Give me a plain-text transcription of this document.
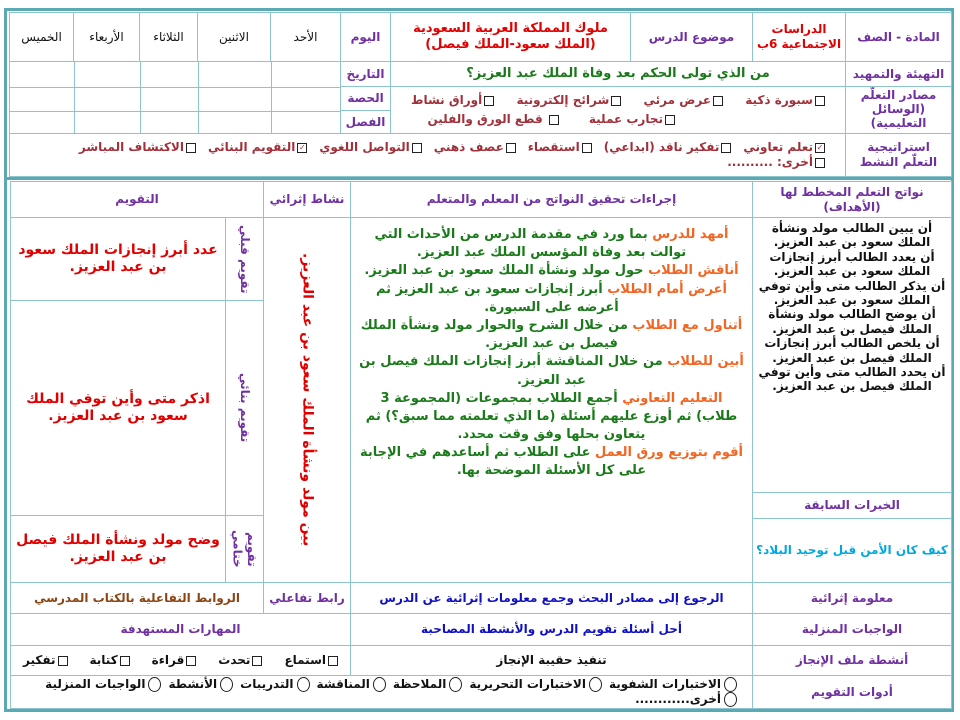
المادة - الصف
الدراسات الاجتماعية 6ب
موضوع الدرس
ملوك المملكة العربية السعودية (الملك سعود-الملك فيصل)
اليوم
الأحد
الاثنين
الثلاثاء
الأربعاء
الخميس
التهيئة والتمهيد
من الذي تولى الحكم بعد وفاة الملك عبد العزيز؟
التاريخ
الحصة
الفصل
مصادر التعلّم (الوسائل التعليمية)
سبورة ذكية
عرض مرئي
شرائح إلكترونية
أوراق نشاط
تجارب عملية
قطع الورق والفلين
استراتيجية التعلّم النشط
✓تعلم تعاوني
تفكير ناقد (ابداعي)
استقصاء
عصف ذهني
التواصل اللغوي
✓التقويم البنائي
الاكتشاف المباشر
أخرى: ..........
نواتج التعلم المخطط لها (الأهداف)
إجراءات تحقيق النواتج من المعلم والمتعلم
نشاط إثرائي
التقويم
أن يبين الطالب مولد ونشأة الملك سعود بن عبد العزيز.
أن يعدد الطالب أبرز إنجازات الملك سعود بن عبد العزيز.
أن يذكر الطالب متى وأين توفي الملك سعود بن عبد العزيز.
أن يوضح الطالب مولد ونشأة الملك فيصل بن عبد العزيز.
أن يلخص الطالب أبرز إنجازات الملك فيصل بن عبد العزيز.
أن يحدد الطالب متى وأين توفي الملك فيصل بن عبد العزيز.
الخبرات السابقة
كيف كان الأمن قبل توحيد البلاد؟
أمهد للدرس بما ورد في مقدمة الدرس من الأحداث التي توالت بعد وفاة المؤسس الملك عبد العزيز.
أناقش الطلاب حول مولد ونشأة الملك سعود بن عبد العزيز.
أعرض أمام الطلاب أبرز إنجازات سعود بن عبد العزيز ثم أعرضه على السبورة.
أتناول مع الطلاب من خلال الشرح والحوار مولد ونشأة الملك فيصل بن عبد العزيز.
أبين للطلاب من خلال المناقشة أبرز إنجازات الملك فيصل بن عبد العزيز.
التعليم التعاوني أجمع الطلاب بمجموعات (المجموعة 3 طلاب) ثم أوزع عليهم أسئلة (ما الذي تعلمته مما سبق؟) ثم يتعاون بحلها وفق وقت محدد.
أقوم بتوزيع ورق العمل على الطلاب ثم أساعدهم في الإجابة على كل الأسئلة الموضحة بها.
بين مولد ونشأة الملك سعود بن عبد العزيز.
تقويم قبلي
عدد أبرز إنجازات الملك سعود بن عبد العزيز.
تقويم بنائي
اذكر متى وأين توفي الملك سعود بن عبد العزيز.
تقويم ختامي
وضح مولد ونشأة الملك فيصل بن عبد العزيز.
معلومة إثرائية
الرجوع إلى مصادر البحث وجمع معلومات إثرائية عن الدرس
رابط تفاعلي
الروابط التفاعلية بالكتاب المدرسي
الواجبات المنزلية
أحل أسئلة تقويم الدرس والأنشطة المصاحبة
المهارات المستهدفة
أنشطة ملف الإنجاز
تنفيذ حقيبة الإنجاز
استماع
تحدث
قراءة
كتابة
تفكير
أدوات التقويم
الاختبارات الشفوية
الاختبارات التحريرية
الملاحظة
المناقشة
التدريبات
الأنشطة
الواجبات المنزلية
أخرى............
